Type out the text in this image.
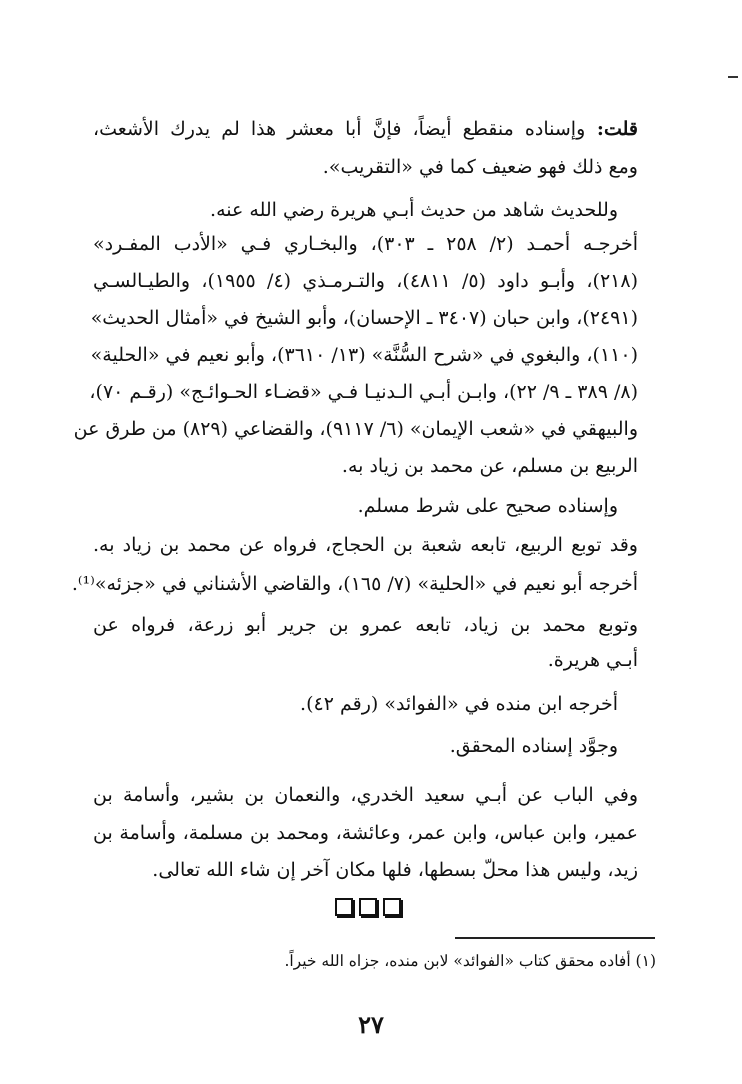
قلت: وإسناده منقطع أيضاً، فإنَّ أبا معشر هذا لم يدرك الأشعث،
ومع ذلك فهو ضعيف كما في «التقريب».
وللحديث شاهد من حديث أبـي هريرة رضي الله عنه.
أخرجـه أحمـد (٢/ ٢٥٨ ـ ٣٠٣)، والبخـاري فـي «الأدب المفـرد»
(٢١٨)، وأبـو داود (٥/ ٤٨١١)، والتـرمـذي (٤/ ١٩٥٥)، والطيـالسـي
(٢٤٩١)، وابن حبان (٣٤٠٧ ـ الإحسان)، وأبو الشيخ في «أمثال الحديث»
(١١٠)، والبغوي في «شرح السُّنَّة» (١٣/ ٣٦١٠)، وأبو نعيم في «الحلية»
(٨/ ٣٨٩ ـ ٩/ ٢٢)، وابـن أبـي الـدنيـا فـي «قضـاء الحـوائـج» (رقـم ٧٠)،
والبيهقي في «شعب الإيمان» (٦/ ٩١١٧)، والقضاعي (٨٢٩) من طرق عن
الربيع بن مسلم، عن محمد بن زياد به.
وإسناده صحيح على شرط مسلم.
وقد توبع الربيع، تابعه شعبة بن الحجاج، فرواه عن محمد بن زياد به.
أخرجه أبو نعيم في «الحلية» (٧/ ١٦٥)، والقاضي الأشناني في «جزئه»⁽¹⁾.
وتوبع محمد بن زياد، تابعه عمرو بن جرير أبو زرعة، فرواه عن
أبـي هريرة.
أخرجه ابن منده في «الفوائد» (رقم ٤٢).
وجوَّد إسناده المحقق.
وفي الباب عن أبـي سعيد الخدري، والنعمان بن بشير، وأسامة بن
عمير، وابن عباس، وابن عمر، وعائشة، ومحمد بن مسلمة، وأسامة بن
زيد، وليس هذا محلّ بسطها، فلها مكان آخر إن شاء الله تعالى.
(١) أفاده محقق كتاب «الفوائد» لابن منده، جزاه الله خيراً.
٢٧
